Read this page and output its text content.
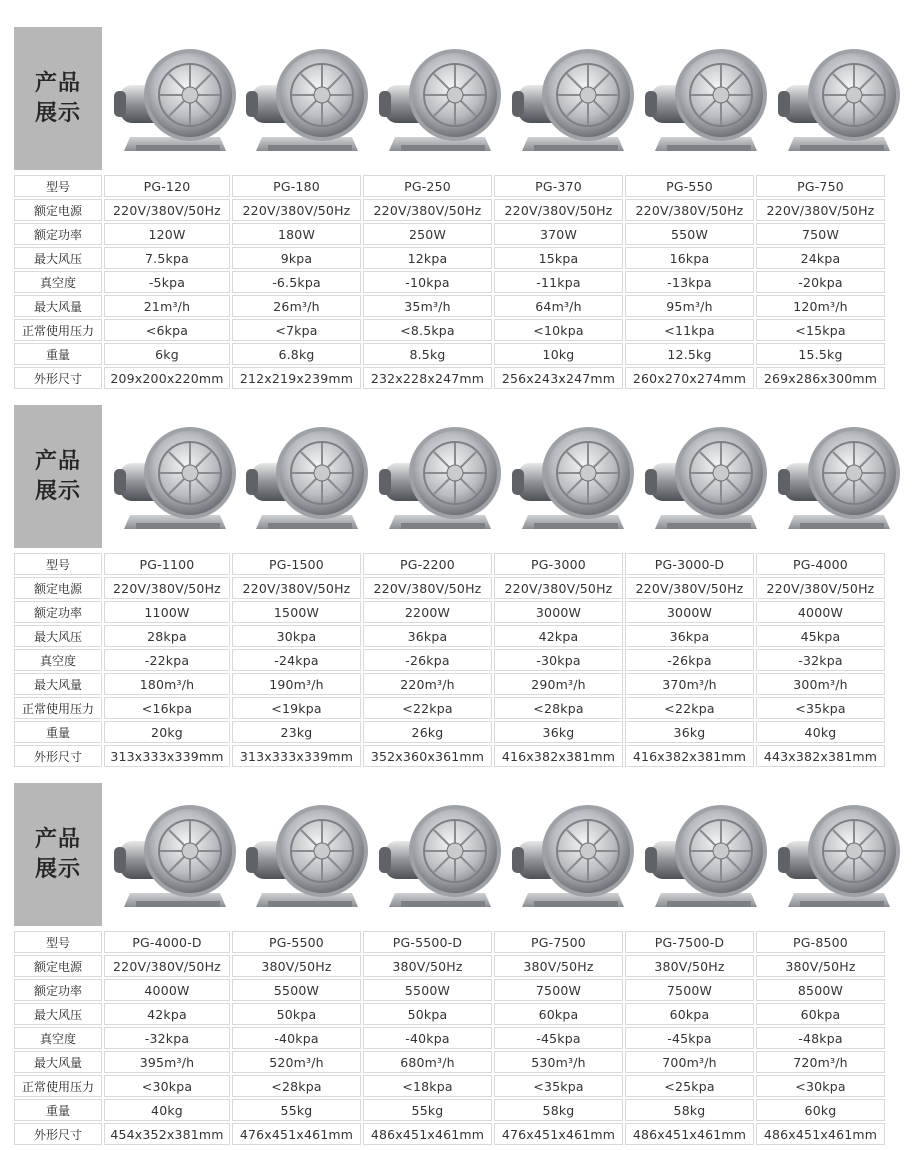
产品
展示
型号	PG-120	PG-180	PG-250	PG-370	PG-550	PG-750
额定电源	220V/380V/50Hz	220V/380V/50Hz	220V/380V/50Hz	220V/380V/50Hz	220V/380V/50Hz	220V/380V/50Hz
额定功率	120W	180W	250W	370W	550W	750W
最大风压	7.5kpa	9kpa	12kpa	15kpa	16kpa	24kpa
真空度	-5kpa	-6.5kpa	-10kpa	-11kpa	-13kpa	-20kpa
最大风量	21m³/h	26m³/h	35m³/h	64m³/h	95m³/h	120m³/h
正常使用压力	<6kpa	<7kpa	<8.5kpa	<10kpa	<11kpa	<15kpa
重量	6kg	6.8kg	8.5kg	10kg	12.5kg	15.5kg
外形尺寸	209x200x220mm	212x219x239mm	232x228x247mm	256x243x247mm	260x270x274mm	269x286x300mm
产品
展示
型号	PG-1100	PG-1500	PG-2200	PG-3000	PG-3000-D	PG-4000
额定电源	220V/380V/50Hz	220V/380V/50Hz	220V/380V/50Hz	220V/380V/50Hz	220V/380V/50Hz	220V/380V/50Hz
额定功率	1100W	1500W	2200W	3000W	3000W	4000W
最大风压	28kpa	30kpa	36kpa	42kpa	36kpa	45kpa
真空度	-22kpa	-24kpa	-26kpa	-30kpa	-26kpa	-32kpa
最大风量	180m³/h	190m³/h	220m³/h	290m³/h	370m³/h	300m³/h
正常使用压力	<16kpa	<19kpa	<22kpa	<28kpa	<22kpa	<35kpa
重量	20kg	23kg	26kg	36kg	36kg	40kg
外形尺寸	313x333x339mm	313x333x339mm	352x360x361mm	416x382x381mm	416x382x381mm	443x382x381mm
产品
展示
型号	PG-4000-D	PG-5500	PG-5500-D	PG-7500	PG-7500-D	PG-8500
额定电源	220V/380V/50Hz	380V/50Hz	380V/50Hz	380V/50Hz	380V/50Hz	380V/50Hz
额定功率	4000W	5500W	5500W	7500W	7500W	8500W
最大风压	42kpa	50kpa	50kpa	60kpa	60kpa	60kpa
真空度	-32kpa	-40kpa	-40kpa	-45kpa	-45kpa	-48kpa
最大风量	395m³/h	520m³/h	680m³/h	530m³/h	700m³/h	720m³/h
正常使用压力	<30kpa	<28kpa	<18kpa	<35kpa	<25kpa	<30kpa
重量	40kg	55kg	55kg	58kg	58kg	60kg
外形尺寸	454x352x381mm	476x451x461mm	486x451x461mm	476x451x461mm	486x451x461mm	486x451x461mm
